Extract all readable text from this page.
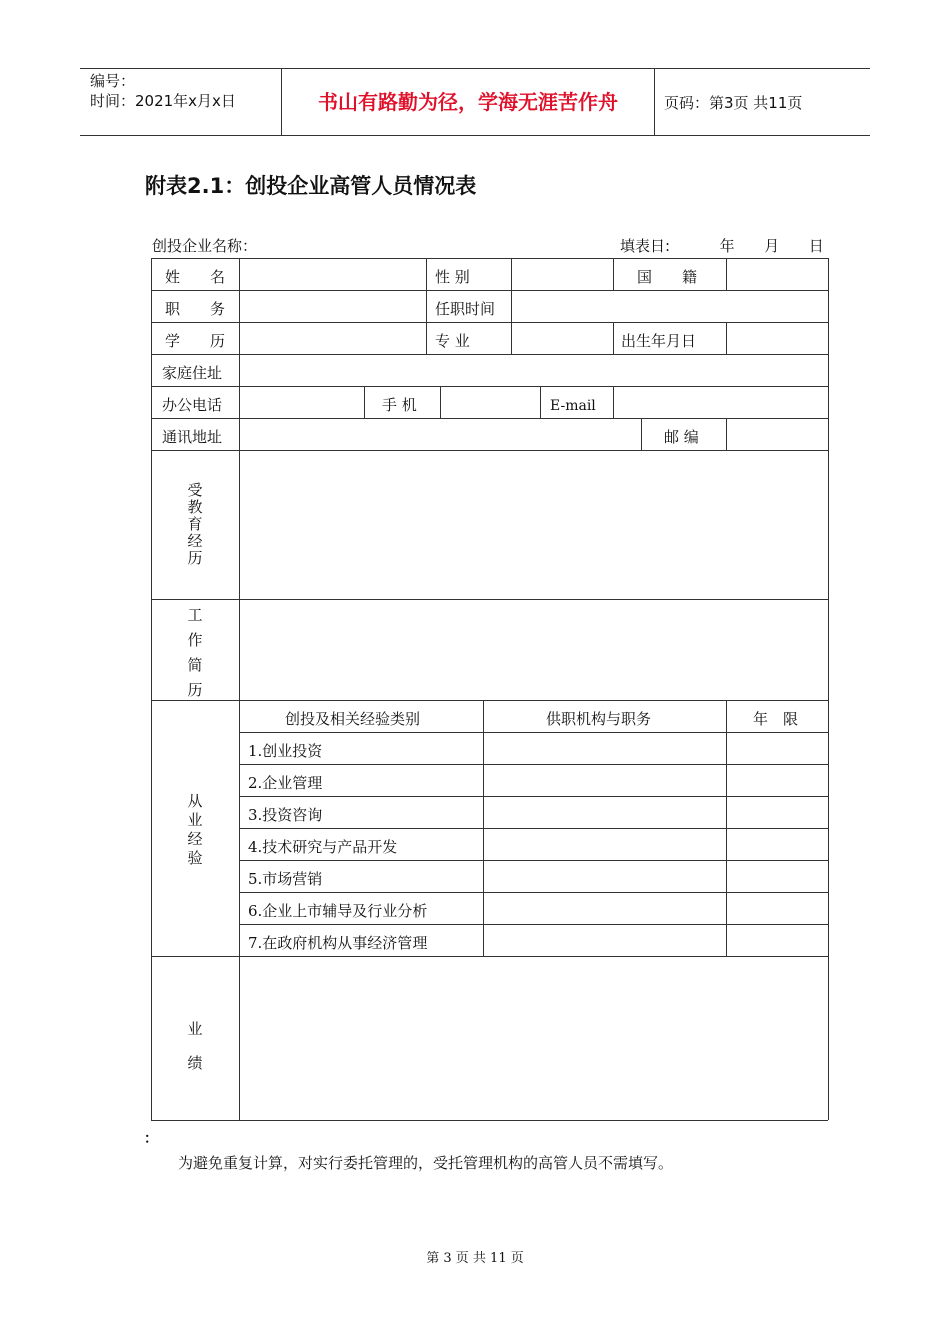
编号：
时间：2021年x月x日	书山有路勤为径，学海无涯苦作舟	页码：第3页 共11页
附表2.1：创投企业高管人员情况表
创投企业名称：	填表日:	年 月 日
姓　　名	性 别	国　　籍
职　　务	任职时间
学　　历	专 业	出生年月日
家庭住址
办公电话	手 机	E-mail
通讯地址	邮 编
受
教
育
经
历
工
作
简
历
从
业
经
验
创投及相关经验类别	供职机构与职务	年　限
1.创业投资
2.企业管理
3.投资咨询
4.技术研究与产品开发
5.市场营销
6.企业上市辅导及行业分析
7.在政府机构从事经济管理
业
绩
：
为避免重复计算，对实行委托管理的，受托管理机构的高管人员不需填写。
第 3 页 共 11 页
